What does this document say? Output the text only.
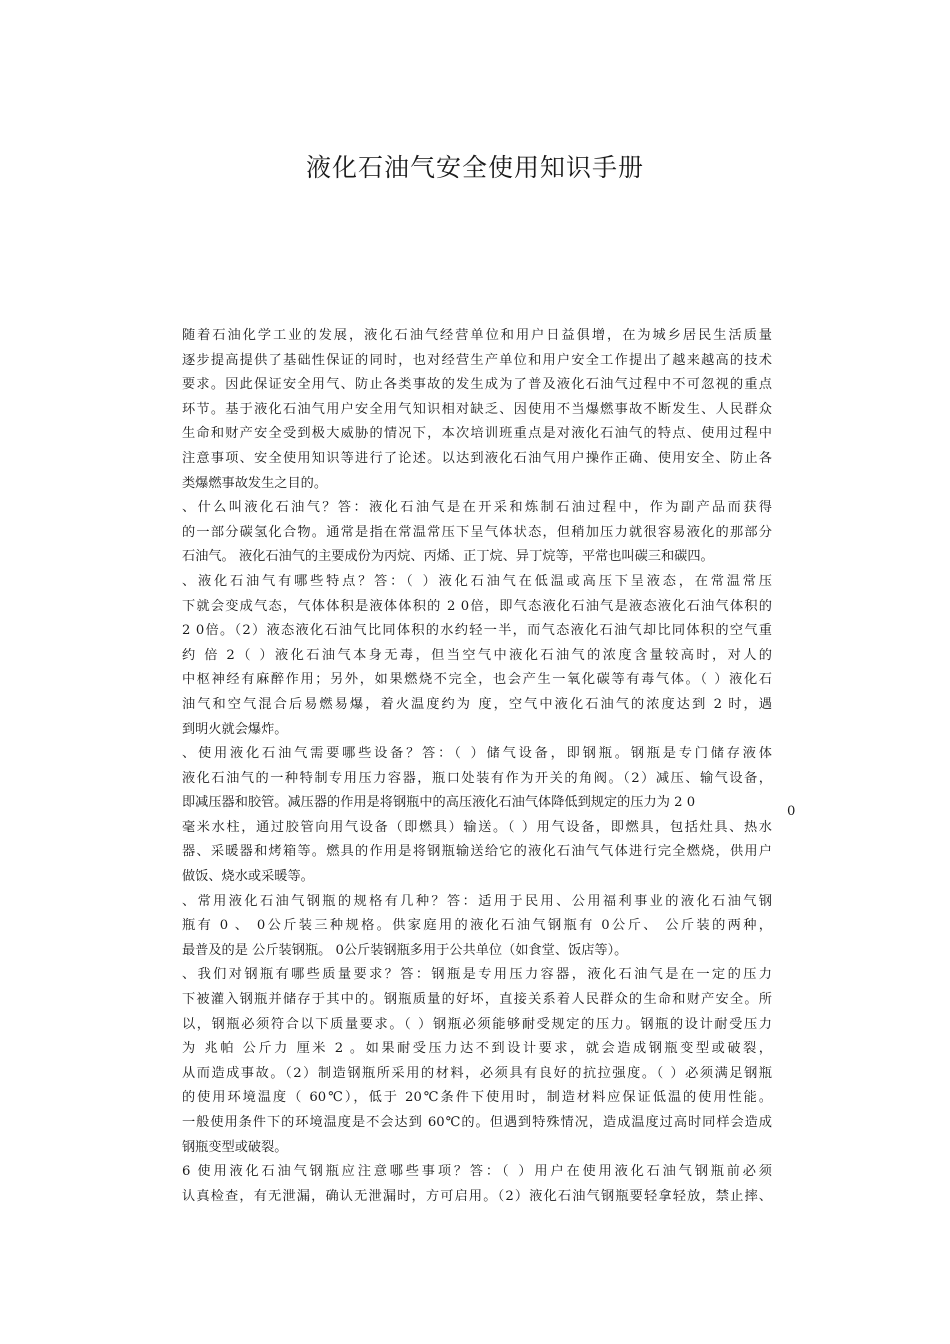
液化石油气安全使用知识手册
随着石油化学工业的发展，液化石油气经营单位和用户日益俱增，在为城乡居民生活质量
逐步提高提供了基础性保证的同时，也对经营生产单位和用户安全工作提出了越来越高的技术
要求。因此保证安全用气、防止各类事故的发生成为了普及液化石油气过程中不可忽视的重点
环节。基于液化石油气用户安全用气知识相对缺乏、因使用不当爆燃事故不断发生、人民群众
生命和财产安全受到极大威胁的情况下，本次培训班重点是对液化石油气的特点、使用过程中
注意事项、安全使用知识等进行了论述。以达到液化石油气用户操作正确、使用安全、防止各
类爆燃事故发生之目的。
、什么叫液化石油气？答：液化石油气是在开采和炼制石油过程中，作为副产品而获得
的一部分碳氢化合物。通常是指在常温常压下呈气体状态，但稍加压力就很容易液化的那部分
石油气。 液化石油气的主要成份为丙烷、丙烯、正丁烷、异丁烷等，平常也叫碳三和碳四。
、液化石油气有哪些特点？答：（ ）液化石油气在低温或高压下呈液态，在常温常压
下就会变成气态，气体体积是液体体积的 2 0倍，即气态液化石油气是液态液化石油气体积的
2 0倍。（2）液态液化石油气比同体积的水约轻一半，而气态液化石油气却比同体积的空气重
约 倍 2（ ）液化石油气本身无毒，但当空气中液化石油气的浓度含量较高时，对人的
中枢神经有麻醉作用；另外，如果燃烧不完全，也会产生一氧化碳等有毒气体。（ ）液化石
油气和空气混合后易燃易爆，着火温度约为 度，空气中液化石油气的浓度达到 2 时，遇
到明火就会爆炸。
、使用液化石油气需要哪些设备？答：（ ）储气设备，即钢瓶。钢瓶是专门储存液体
液化石油气的一种特制专用压力容器，瓶口处装有作为开关的角阀。（2）减压、输气设备，
即减压器和胶管。减压器的作用是将钢瓶中的高压液化石油气体降低到规定的压力为 2 0
毫米水柱，通过胶管向用气设备（即燃具）输送。（ ）用气设备，即燃具，包括灶具、热水
器、采暖器和烤箱等。燃具的作用是将钢瓶输送给它的液化石油气气体进行完全燃烧，供用户
做饭、烧水或采暖等。
、常用液化石油气钢瓶的规格有几种？答：适用于民用、公用福利事业的液化石油气钢
瓶有 0 、 0公斤装三种规格。供家庭用的液化石油气钢瓶有 0公斤、 公斤装的两种，
最普及的是 公斤装钢瓶。 0公斤装钢瓶多用于公共单位（如食堂、饭店等）。
、我们对钢瓶有哪些质量要求？答：钢瓶是专用压力容器，液化石油气是在一定的压力
下被灌入钢瓶并储存于其中的。钢瓶质量的好坏，直接关系着人民群众的生命和财产安全。所
以，钢瓶必须符合以下质量要求。（ ）钢瓶必须能够耐受规定的压力。钢瓶的设计耐受压力
为 兆帕 公斤力 厘米 2 。如果耐受压力达不到设计要求，就会造成钢瓶变型或破裂，
从而造成事故。（2）制造钢瓶所采用的材料，必须具有良好的抗拉强度。（ ）必须满足钢瓶
的使用环境温度（ 60℃），低于 20℃条件下使用时，制造材料应保证低温的使用性能。
一般使用条件下的环境温度是不会达到 60℃的。但遇到特殊情况，造成温度过高时同样会造成
钢瓶变型或破裂。
6 使用液化石油气钢瓶应注意哪些事项？答：（ ）用户在使用液化石油气钢瓶前必须
认真检查，有无泄漏，确认无泄漏时，方可启用。（2）液化石油气钢瓶要轻拿轻放，禁止摔、
0
